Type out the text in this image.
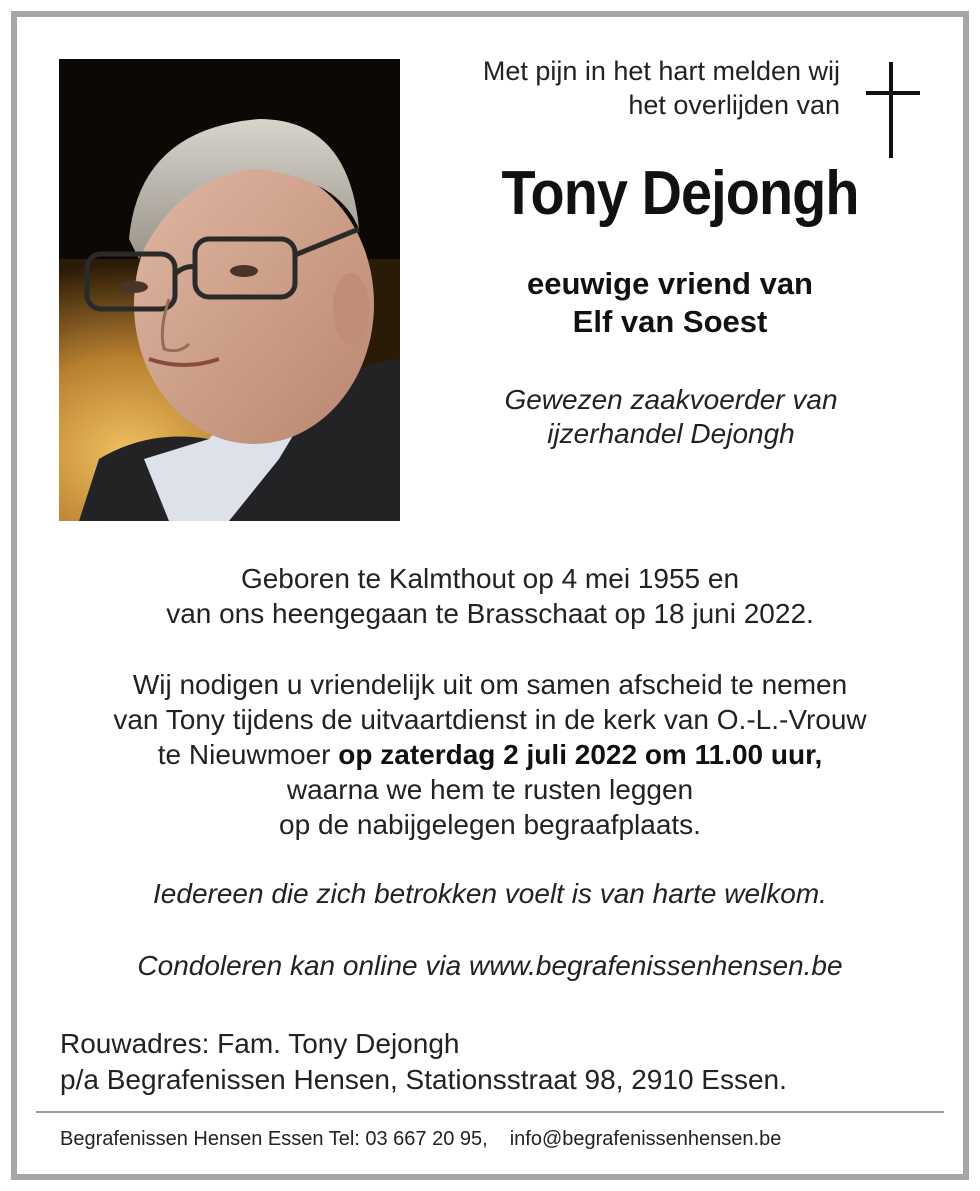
Met pijn in het hart melden wij
het overlijden van
Tony Dejongh
eeuwige vriend van
Elf van Soest
Gewezen zaakvoerder van
ijzerhandel Dejongh
Geboren te Kalmthout op 4 mei 1955 en
van ons heengegaan te Brasschaat op 18 juni 2022.
Wij nodigen u vriendelijk uit om samen afscheid te nemen
van Tony tijdens de uitvaartdienst in de kerk van O.-L.-Vrouw
te Nieuwmoer op zaterdag 2 juli 2022 om 11.00 uur,
waarna we hem te rusten leggen
op de nabijgelegen begraafplaats.
Iedereen die zich betrokken voelt is van harte welkom.
Condoleren kan online via www.begrafenissenhensen.be
Rouwadres: Fam. Tony Dejongh
p/a Begrafenissen Hensen, Stationsstraat 98, 2910 Essen.
Begrafenissen Hensen Essen Tel: 03 667 20 95, info@begrafenissenhensen.be
